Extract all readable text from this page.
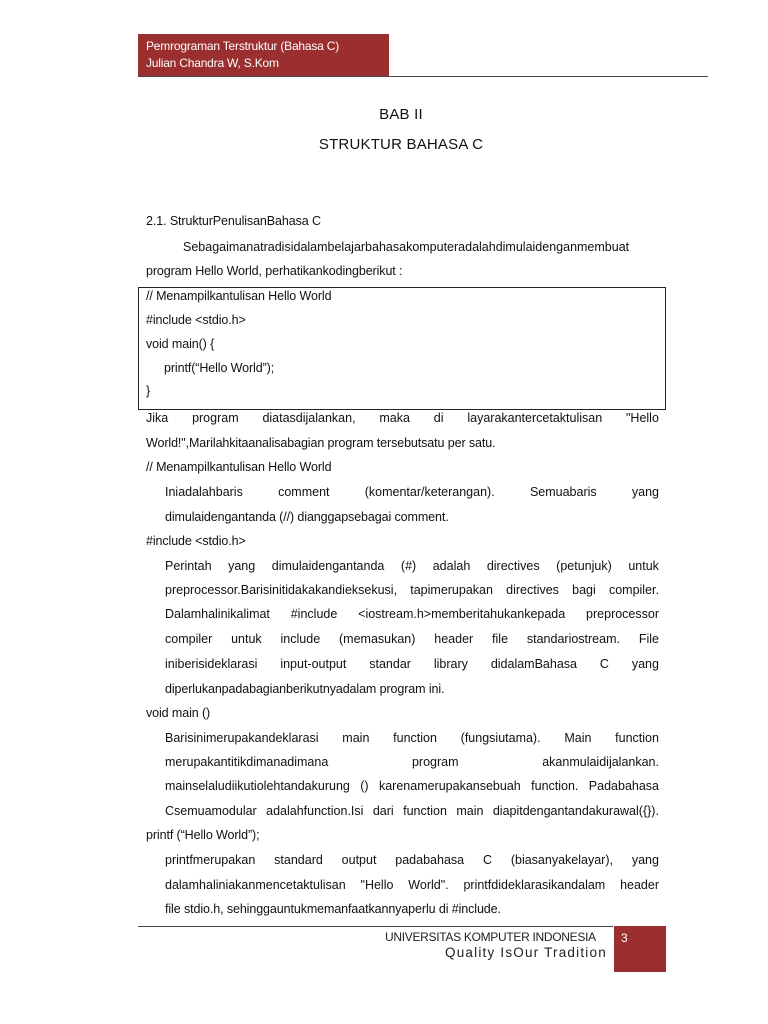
Pemrograman Terstruktur (Bahasa C)
Julian Chandra W, S.Kom
BAB II
STRUKTUR BAHASA C
2.1. StrukturPenulisanBahasa C
Sebagaimanatradisidalambelajarbahasakomputeradalahdimulaidenganmembuat
program Hello World, perhatikankodingberikut :
// Menampilkantulisan Hello World
#include <stdio.h>
void main() {
printf(“Hello World”);
}
Jika program diatasdijalankan, maka di layarakantercetaktulisan "Hello
World!",Marilahkitaanalisabagian program tersebutsatu per satu.
// Menampilkantulisan Hello World
Iniadalahbaris	comment	(komentar/keterangan).	Semuabaris	yang
dimulaidengantanda (//) dianggapsebagai comment.
#include <stdio.h>
Perintah yang dimulaidengantanda (#) adalah directives (petunjuk) untuk
preprocessor.Barisinitidakakandieksekusi, tapimerupakan directives bagi compiler.
Dalamhalinikalimat #include <iostream.h>memberitahukankepada preprocessor
compiler untuk include (memasukan) header file standariostream. File
iniberisideklarasi input-output standar library didalamBahasa C yang
diperlukanpadabagianberikutnyadalam program ini.
void main ()
Barisinimerupakandeklarasi main function (fungsiutama). Main function
merupakantitikdimanadimana	program	akanmulaidijalankan.
mainselaludiikutiolehtandakurung () karenamerupakansebuah function. Padabahasa
Csemuamodular adalahfunction.Isi dari function main diapitdengantandakurawal({}).
printf (“Hello World”);
printfmerupakan standard output padabahasa C (biasanyakelayar), yang
dalamhaliniakanmencetaktulisan "Hello World". printfdideklarasikandalam header
file stdio.h, sehinggauntukmemanfaatkannyaperlu di #include.
UNIVERSITAS KOMPUTER INDONESIA
Quality IsOur Tradition
3
